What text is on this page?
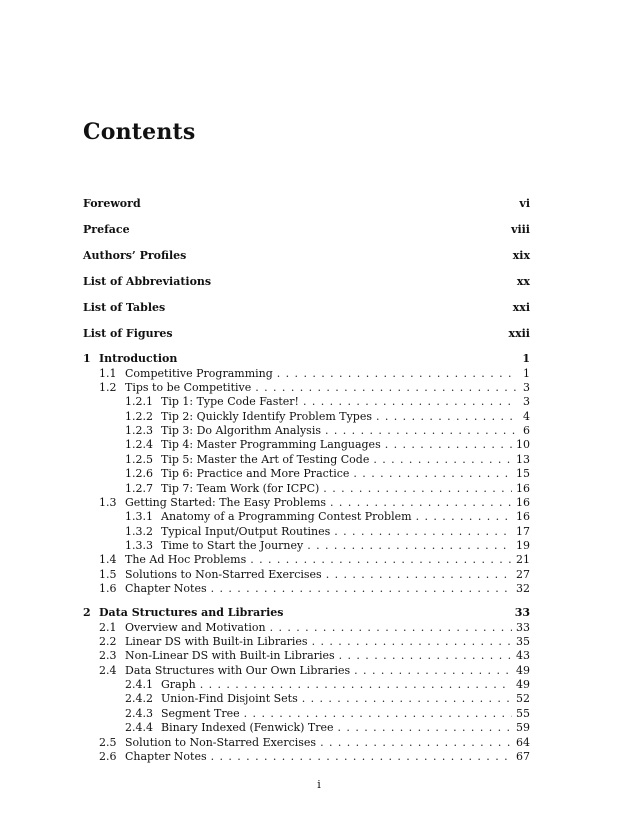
Contents
Foreword	vi
Preface	viii
Authors’ Profiles	xix
List of Abbreviations	xx
List of Tables	xxi
List of Figures	xxii
1 Introduction	1
1.1 Competitive Programming . . .	1
1.2 Tips to be Competitive . . .	3
1.2.1 Tip 1: Type Code Faster! . . .	3
1.2.2 Tip 2: Quickly Identify Problem Types . . .	4
1.2.3 Tip 3: Do Algorithm Analysis . . .	6
1.2.4 Tip 4: Master Programming Languages . . .	10
1.2.5 Tip 5: Master the Art of Testing Code . . .	13
1.2.6 Tip 6: Practice and More Practice . . .	15
1.2.7 Tip 7: Team Work (for ICPC) . . .	16
1.3 Getting Started: The Easy Problems . . .	16
1.3.1 Anatomy of a Programming Contest Problem . . .	16
1.3.2 Typical Input/Output Routines . . .	17
1.3.3 Time to Start the Journey . . .	19
1.4 The Ad Hoc Problems . . .	21
1.5 Solutions to Non-Starred Exercises . . .	27
1.6 Chapter Notes . . .	32
2 Data Structures and Libraries	33
2.1 Overview and Motivation . . .	33
2.2 Linear DS with Built-in Libraries . . .	35
2.3 Non-Linear DS with Built-in Libraries . . .	43
2.4 Data Structures with Our Own Libraries . . .	49
2.4.1 Graph . . .	49
2.4.2 Union-Find Disjoint Sets . . .	52
2.4.3 Segment Tree . . .	55
2.4.4 Binary Indexed (Fenwick) Tree . . .	59
2.5 Solution to Non-Starred Exercises . . .	64
2.6 Chapter Notes . . .	67
i
